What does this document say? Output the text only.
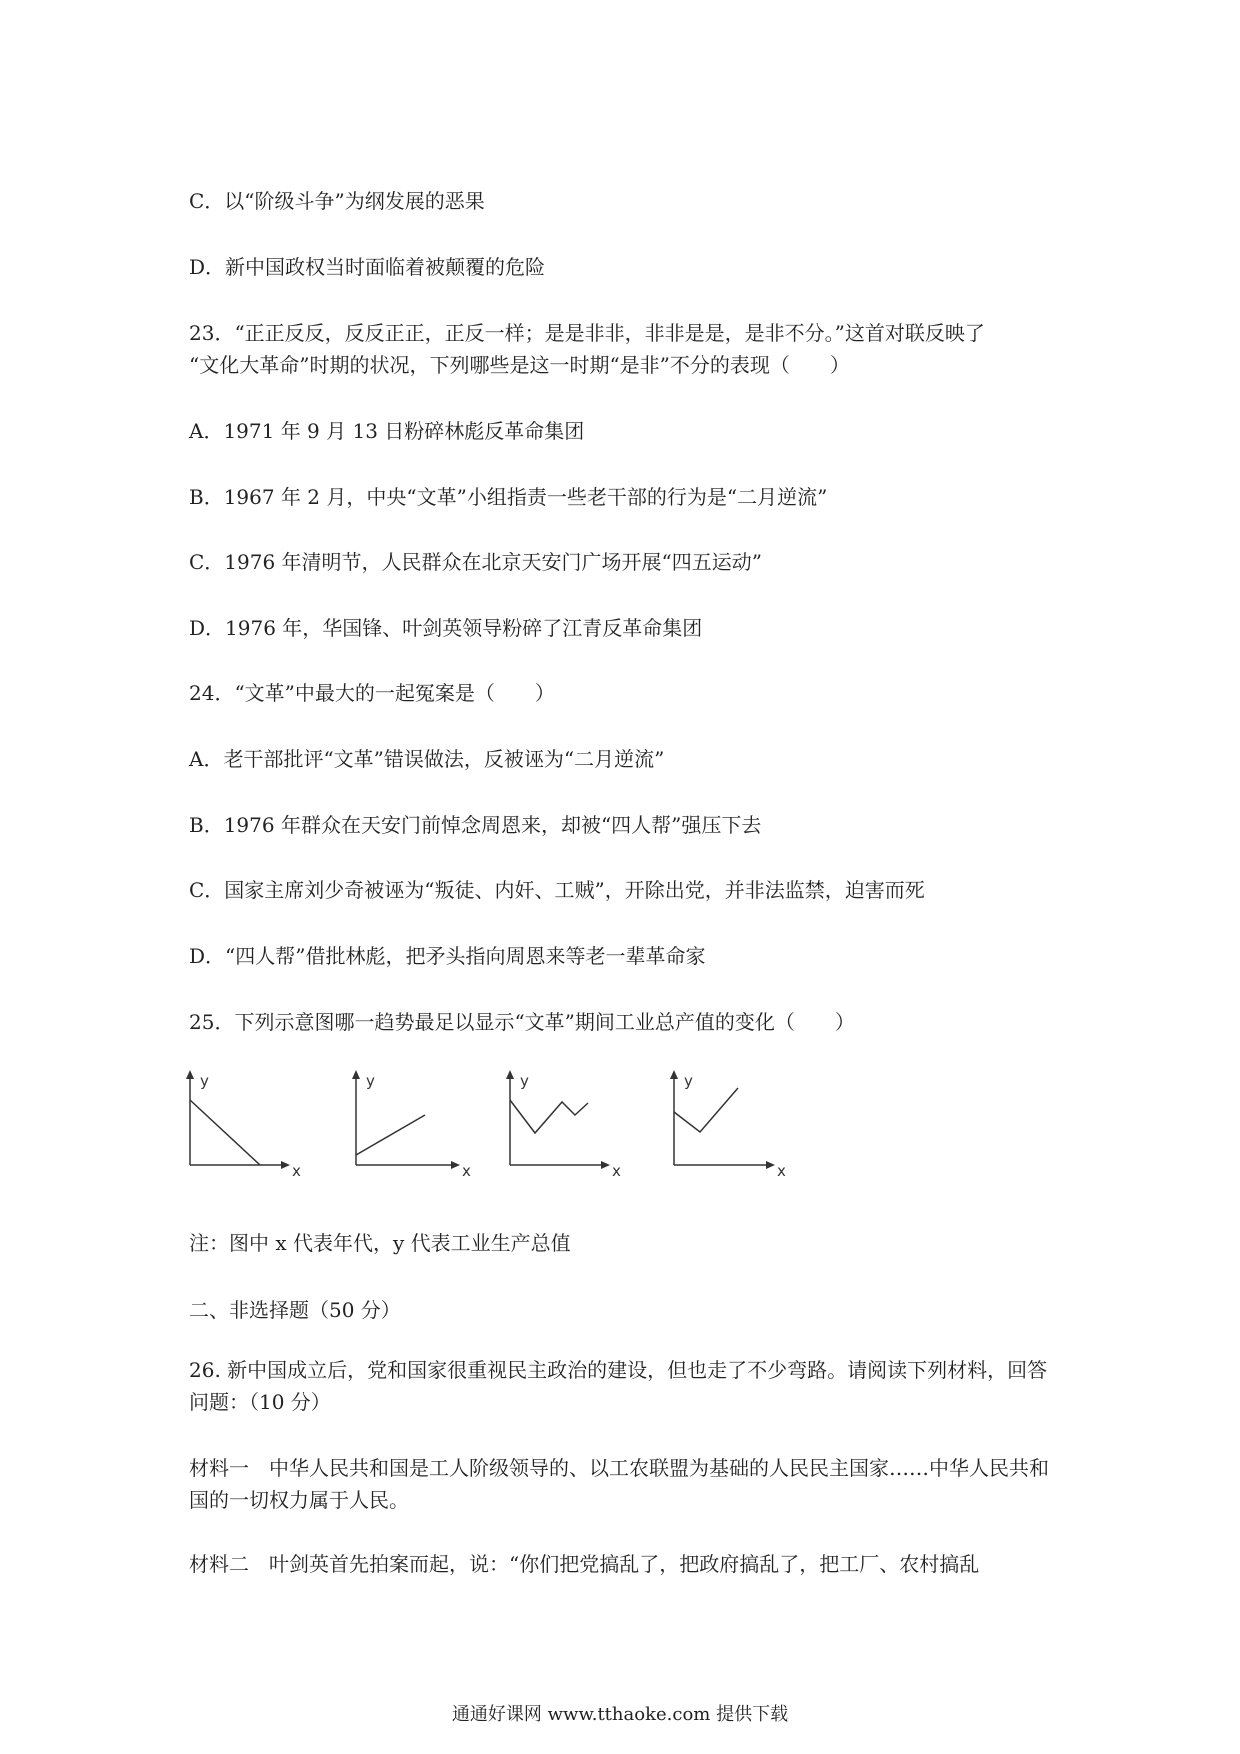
C．以“阶级斗争”为纲发展的恶果
D．新中国政权当时面临着被颠覆的危险
23．“正正反反，反反正正，正反一样；是是非非，非非是是，是非不分。”这首对联反映了
“文化大革命”时期的状况，下列哪些是这一时期“是非”不分的表现（　　）
A．1971 年 9 月 13 日粉碎林彪反革命集团
B．1967 年 2 月，中央“文革”小组指责一些老干部的行为是“二月逆流”
C．1976 年清明节，人民群众在北京天安门广场开展“四五运动”
D．1976 年，华国锋、叶剑英领导粉碎了江青反革命集团
24．“文革”中最大的一起冤案是（　　）
A．老干部批评“文革”错误做法，反被诬为“二月逆流”
B．1976 年群众在天安门前悼念周恩来，却被“四人帮”强压下去
C．国家主席刘少奇被诬为“叛徒、内奸、工贼”，开除出党，并非法监禁，迫害而死
D．“四人帮”借批林彪，把矛头指向周恩来等老一辈革命家
25．下列示意图哪一趋势最足以显示“文革”期间工业总产值的变化（　　）
y
x
y
x
y
x
y
x
注：图中 x 代表年代，y 代表工业生产总值
二、非选择题（50 分）
26. 新中国成立后，党和国家很重视民主政治的建设，但也走了不少弯路。请阅读下列材料，回答问题：（10 分）
材料一　中华人民共和国是工人阶级领导的、以工农联盟为基础的人民民主国家……中华人民共和国的一切权力属于人民。
材料二　叶剑英首先拍案而起，说：“你们把党搞乱了，把政府搞乱了，把工厂、农村搞乱
通通好课网 www.tthaoke.com 提供下载
